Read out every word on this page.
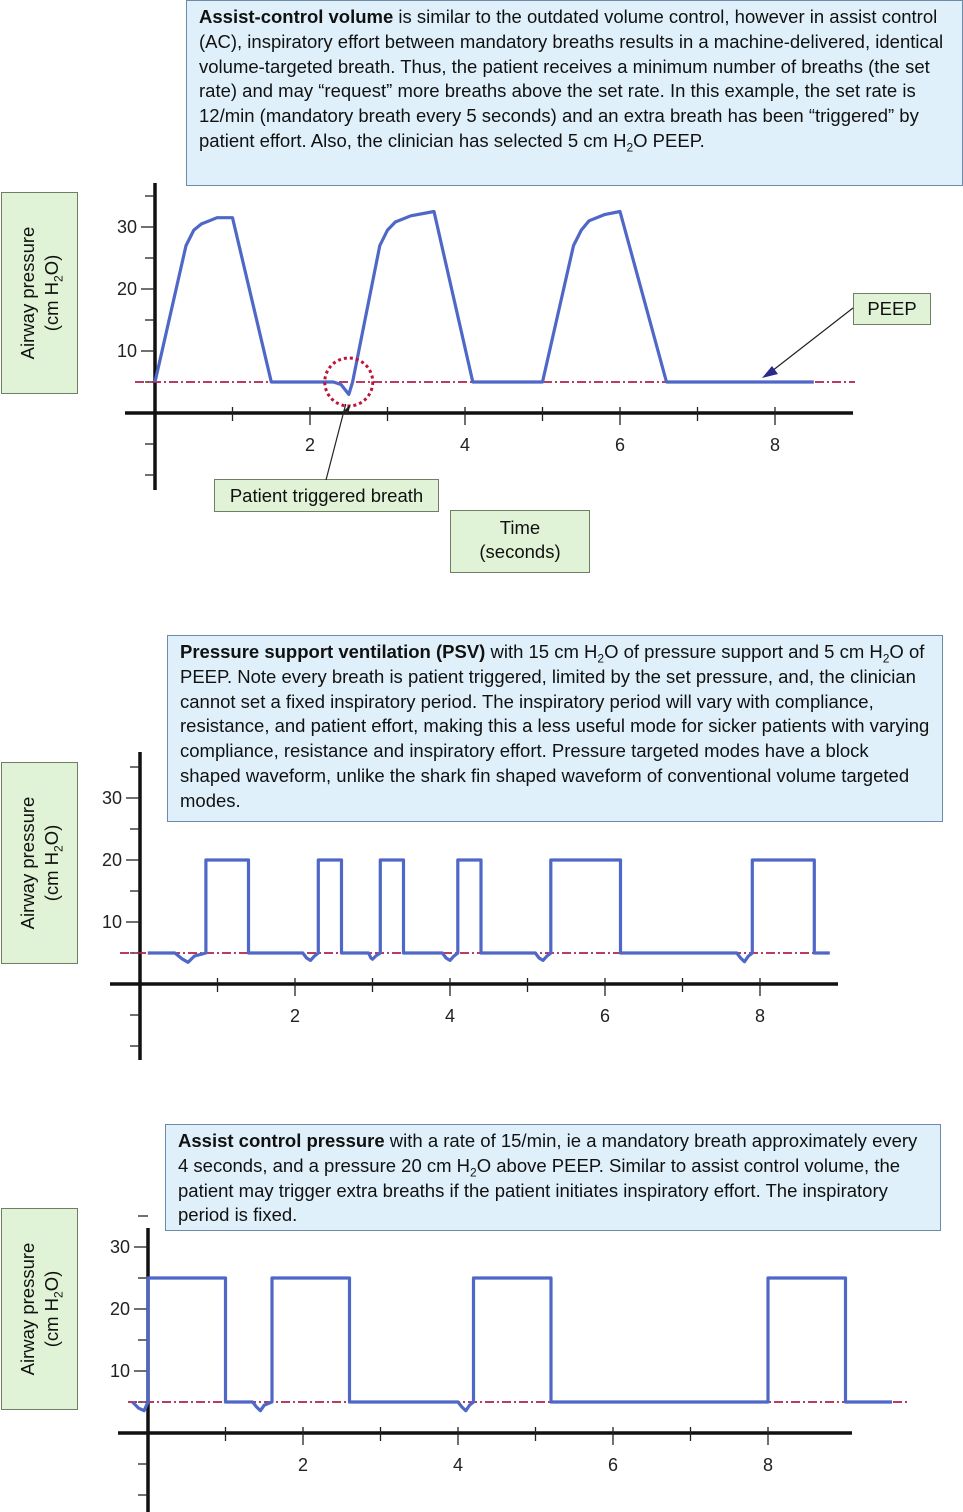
Assist-control volume is similar to the outdated volume control, however in assist control (AC), inspiratory effort between mandatory breaths results in a machine-delivered, identical volume-targeted breath. Thus, the patient receives a minimum number of breaths (the set rate) and may “request” more breaths above the set rate. In this example, the set rate is 12/min (mandatory breath every 5 seconds) and an extra breath has been “triggered” by patient effort. Also, the clinician has selected 5 cm $H_2O$ PEEP.
Airway pressure (cm $H_2O$)
PEEP
Patient triggered breath
Time
(seconds)
Pressure support ventilation (PSV) with 15 cm $H_2O$ of pressure support and 5 cm $H_2O$ of PEEP. Note every breath is patient triggered, limited by the set pressure, and, the clinician cannot set a fixed inspiratory period. The inspiratory period will vary with compliance, resistance, and patient effort, making this a less useful mode for sicker patients with varying compliance, resistance and inspiratory effort. Pressure targeted modes have a block shaped waveform, unlike the shark fin shaped waveform of conventional volume targeted modes.
Airway pressure (cm $H_2O$)
Assist control pressure with a rate of 15/min, ie a mandatory breath approximately every 4 seconds, and a pressure 20 cm $H_2O$ above PEEP. Similar to assist control volume, the patient may trigger extra breaths if the patient initiates inspiratory effort. The inspiratory period is fixed.
Airway pressure (cm $H_2O$)
10
20
30
2	4	6	8
10
20
30
2	4	6	8
10
20
30
2	4	6	8
